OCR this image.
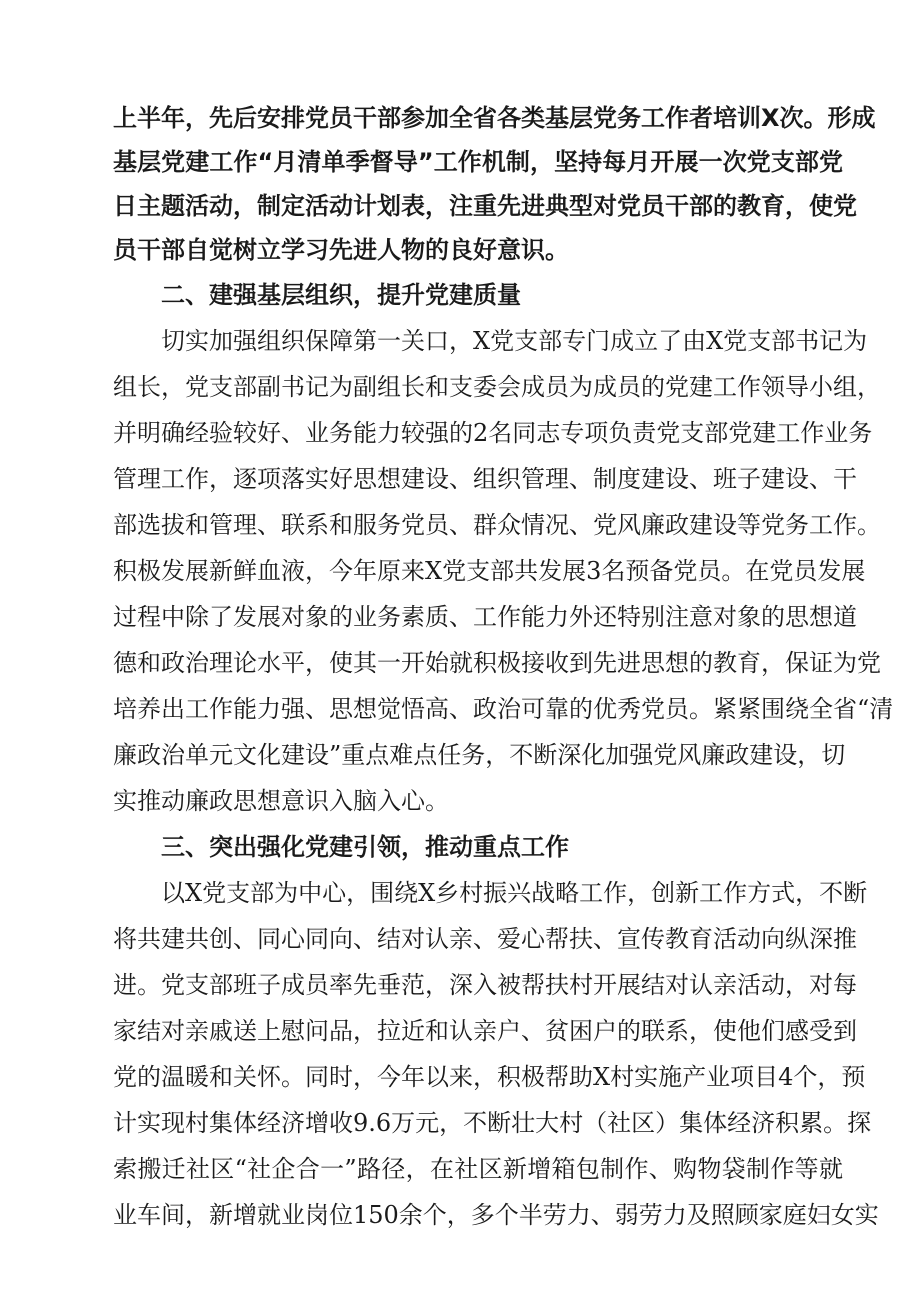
上半年，先后安排党员干部参加全省各类基层党务工作者培训X次。形成
基层党建工作“月清单季督导”工作机制，坚持每月开展一次党支部党
日主题活动，制定活动计划表，注重先进典型对党员干部的教育，使党
员干部自觉树立学习先进人物的良好意识。
二、建强基层组织，提升党建质量
切实加强组织保障第一关口，X党支部专门成立了由X党支部书记为
组长，党支部副书记为副组长和支委会成员为成员的党建工作领导小组，
并明确经验较好、业务能力较强的2名同志专项负责党支部党建工作业务
管理工作，逐项落实好思想建设、组织管理、制度建设、班子建设、干
部选拔和管理、联系和服务党员、群众情况、党风廉政建设等党务工作。
积极发展新鲜血液，今年原来X党支部共发展3名预备党员。在党员发展
过程中除了发展对象的业务素质、工作能力外还特别注意对象的思想道
德和政治理论水平，使其一开始就积极接收到先进思想的教育，保证为党
培养出工作能力强、思想觉悟高、政治可靠的优秀党员。紧紧围绕全省“清
廉政治单元文化建设”重点难点任务，不断深化加强党风廉政建设，切
实推动廉政思想意识入脑入心。
三、突出强化党建引领，推动重点工作
以X党支部为中心，围绕X乡村振兴战略工作，创新工作方式，不断
将共建共创、同心同向、结对认亲、爱心帮扶、宣传教育活动向纵深推
进。党支部班子成员率先垂范，深入被帮扶村开展结对认亲活动，对每
家结对亲戚送上慰问品，拉近和认亲户、贫困户的联系，使他们感受到
党的温暖和关怀。同时，今年以来，积极帮助X村实施产业项目4个，预
计实现村集体经济增收9.6万元，不断壮大村（社区）集体经济积累。探
索搬迁社区“社企合一”路径，在社区新增箱包制作、购物袋制作等就
业车间，新增就业岗位150余个，多个半劳力、弱劳力及照顾家庭妇女实
